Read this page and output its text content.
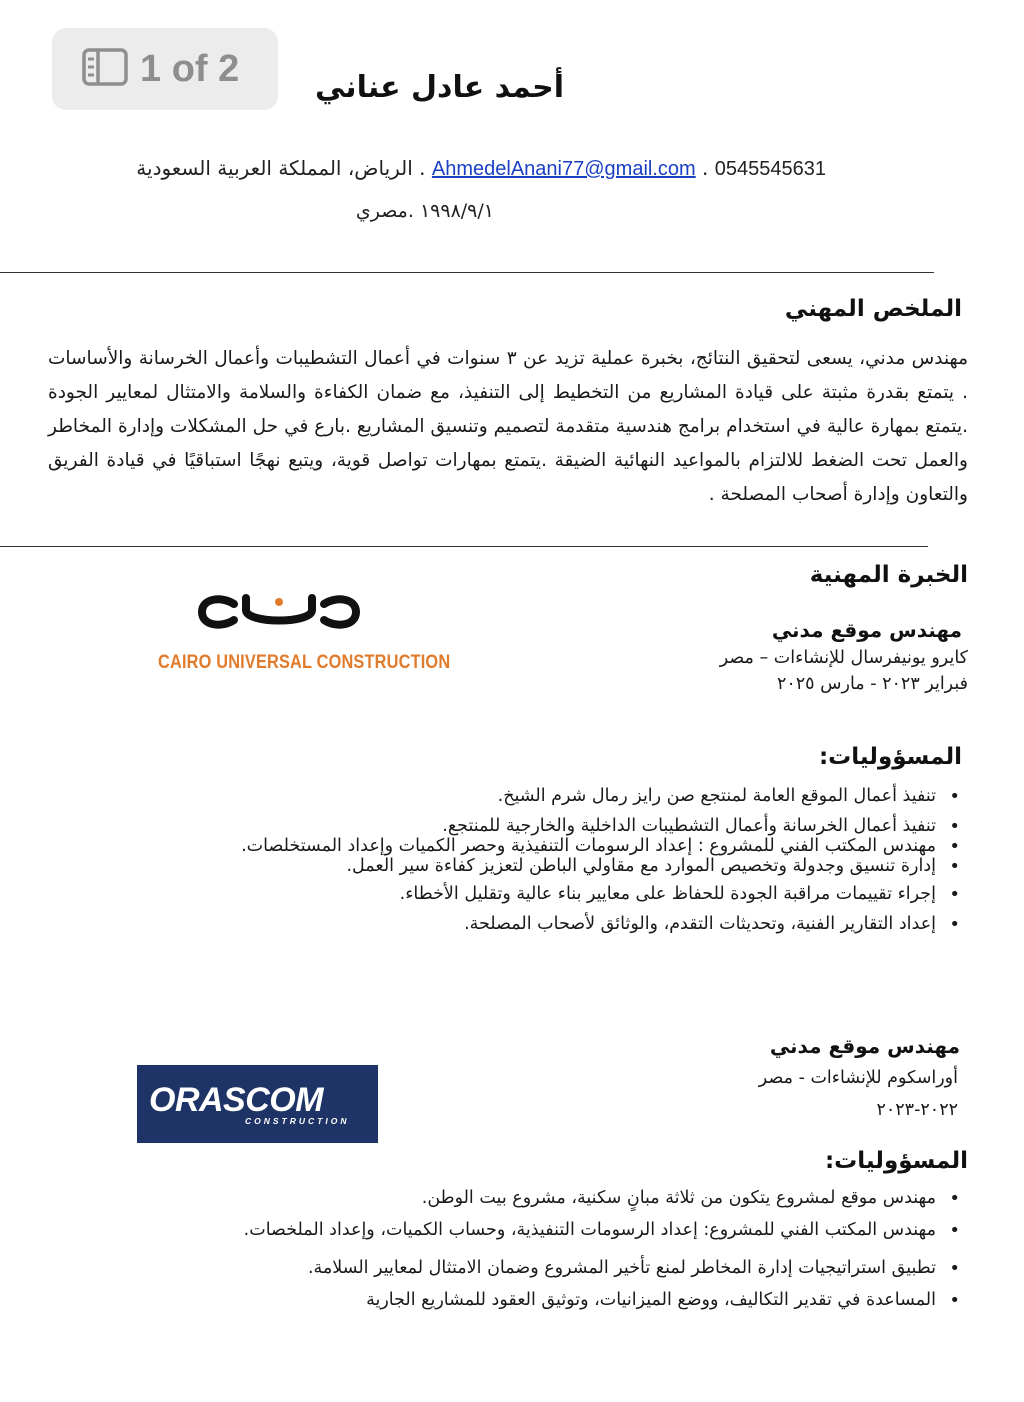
1 of 2	أحمد عادل عناني
0545545631 . AhmedelAnani77@gmail.com . الرياض، المملكة العربية السعودية
١٩٩٨/٩/١ .مصري
الملخص المهني
مهندس مدني، يسعى لتحقيق النتائج، بخبرة عملية تزيد عن ٣ سنوات في أعمال التشطيبات وأعمال الخرسانة والأساسات . يتمتع بقدرة مثبتة على قيادة المشاريع من التخطيط إلى التنفيذ، مع ضمان الكفاءة والسلامة والامتثال لمعايير الجودة .يتمتع بمهارة عالية في استخدام برامج هندسية متقدمة لتصميم وتنسيق المشاريع .بارع في حل المشكلات وإدارة المخاطر والعمل تحت الضغط للالتزام بالمواعيد النهائية الضيقة .يتمتع بمهارات تواصل قوية، ويتبع نهجًا استباقيًا في قيادة الفريق والتعاون وإدارة أصحاب المصلحة .
الخبرة المهنية
CAIRO UNIVERSAL CONSTRUCTION
مهندس موقع مدني
كايرو يونيفرسال للإنشاءات – مصر
فبراير ٢٠٢٣ - مارس ٢٠٢٥
المسؤوليات:
• تنفيذ أعمال الموقع العامة لمنتجع صن رايز رمال شرم الشيخ.
• تنفيذ أعمال الخرسانة وأعمال التشطيبات الداخلية والخارجية للمنتجع.
• مهندس المكتب الفني للمشروع : إعداد الرسومات التنفيذية وحصر الكميات وإعداد المستخلصات.
• إدارة تنسيق وجدولة وتخصيص الموارد مع مقاولي الباطن لتعزيز كفاءة سير العمل.
• إجراء تقييمات مراقبة الجودة للحفاظ على معايير بناء عالية وتقليل الأخطاء.
• إعداد التقارير الفنية، وتحديثات التقدم، والوثائق لأصحاب المصلحة.
ORASCOM
CONSTRUCTION
مهندس موقع مدني
أوراسكوم للإنشاءات - مصر
٢٠٢٢-٢٠٢٣
المسؤوليات:
• مهندس موقع لمشروع يتكون من ثلاثة مبانٍ سكنية، مشروع بيت الوطن.
• مهندس المكتب الفني للمشروع: إعداد الرسومات التنفيذية، وحساب الكميات، وإعداد الملخصات.
• تطبيق استراتيجيات إدارة المخاطر لمنع تأخير المشروع وضمان الامتثال لمعايير السلامة.
• المساعدة في تقدير التكاليف، ووضع الميزانيات، وتوثيق العقود للمشاريع الجارية
